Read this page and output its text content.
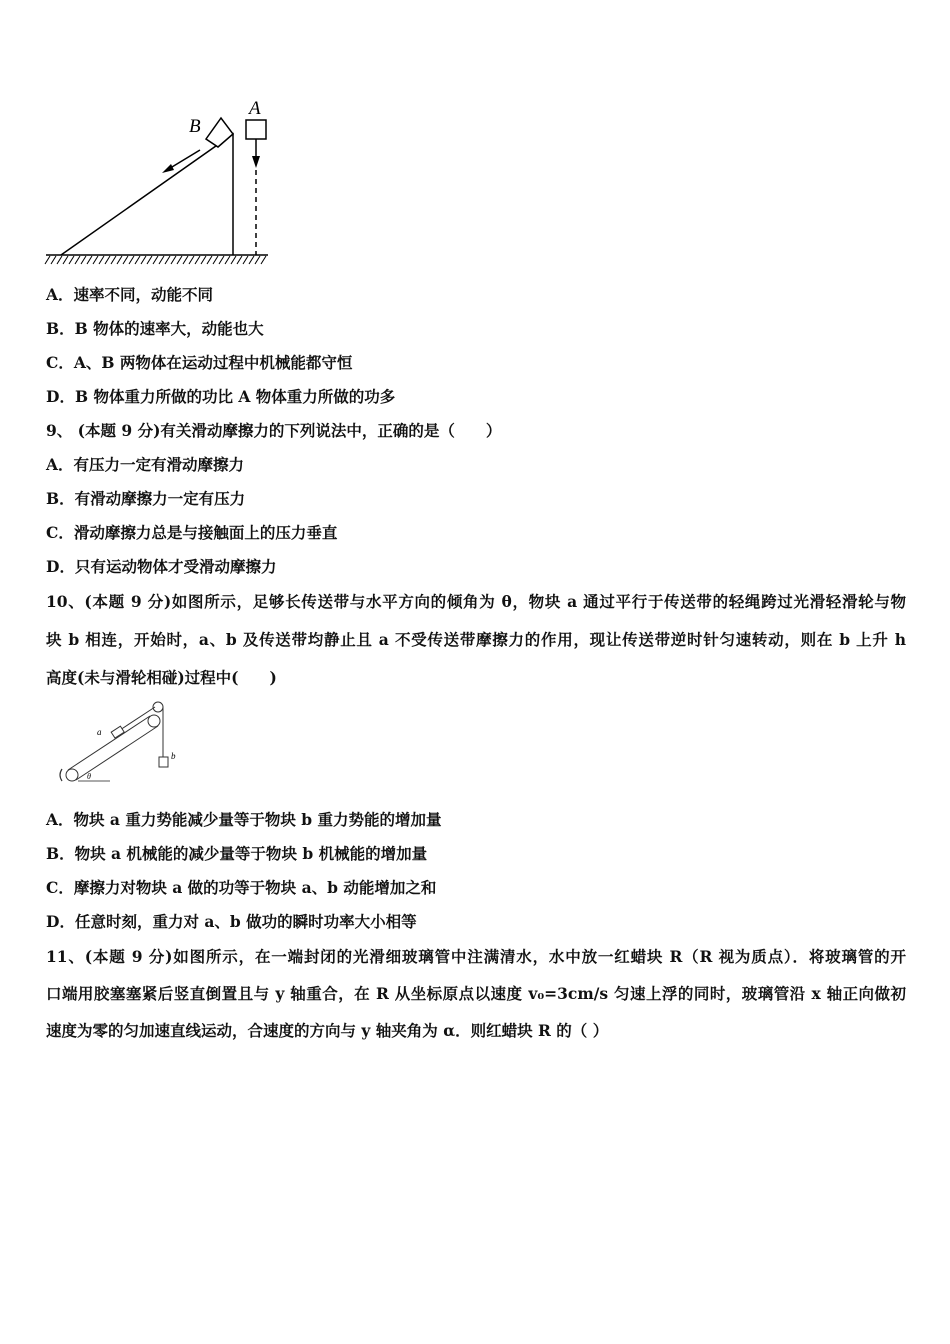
B
A
A．速率不同，动能不同
B．B 物体的速率大，动能也大
C．A、B 两物体在运动过程中机械能都守恒
D．B 物体重力所做的功比 A 物体重力所做的功多
9、 (本题 9 分)有关滑动摩擦力的下列说法中，正确的是（　　）
A．有压力一定有滑动摩擦力
B．有滑动摩擦力一定有压力
C．滑动摩擦力总是与接触面上的压力垂直
D．只有运动物体才受滑动摩擦力
10、(本题 9 分)如图所示，足够长传送带与水平方向的倾角为 θ，物块 a 通过平行于传送带的轻绳跨过光滑轻滑轮与物
块 b 相连，开始时，a、b 及传送带均静止且 a 不受传送带摩擦力的作用，现让传送带逆时针匀速转动，则在 b 上升 h
高度(未与滑轮相碰)过程中(　　)
a
b
θ
A．物块 a 重力势能减少量等于物块 b 重力势能的增加量
B．物块 a 机械能的减少量等于物块 b 机械能的增加量
C．摩擦力对物块 a 做的功等于物块 a、b 动能增加之和
D．任意时刻，重力对 a、b 做功的瞬时功率大小相等
11、(本题 9 分)如图所示，在一端封闭的光滑细玻璃管中注满清水，水中放一红蜡块 R（R 视为质点）．将玻璃管的开
口端用胶塞塞紧后竖直倒置且与 y 轴重合，在 R 从坐标原点以速度 v₀=3cm/s 匀速上浮的同时，玻璃管沿 x 轴正向做初
速度为零的匀加速直线运动，合速度的方向与 y 轴夹角为 α．则红蜡块 R 的（ ）
